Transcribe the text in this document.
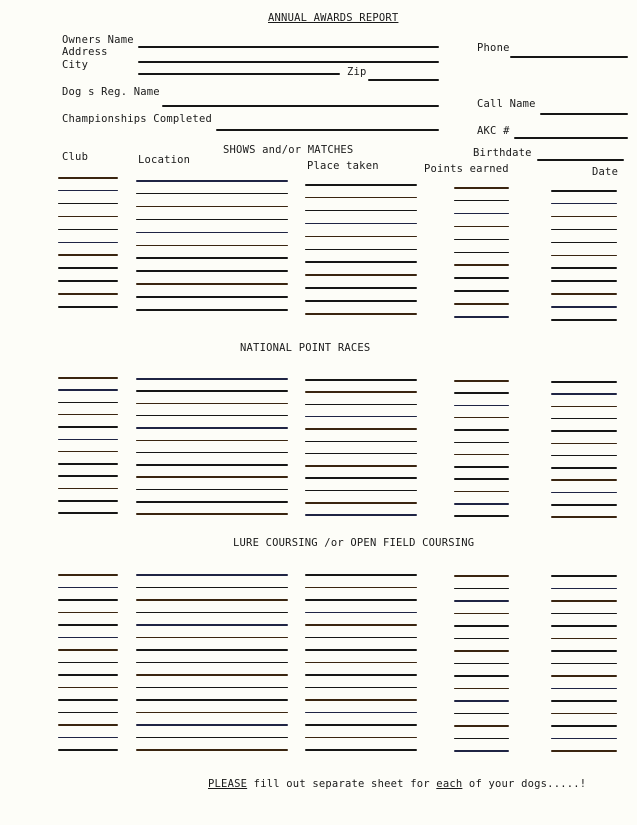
ANNUAL AWARDS REPORT
Owners Name
Address
City
Zip
Phone
Dog s Reg. Name
Call Name
Championships Completed
AKC #
Birthdate
SHOWS and/or MATCHES
Club	Location	Place taken	Points earned	Date
NATIONAL POINT RACES
LURE COURSING /or OPEN FIELD COURSING
PLEASE fill out separate sheet for each of your dogs.....!
